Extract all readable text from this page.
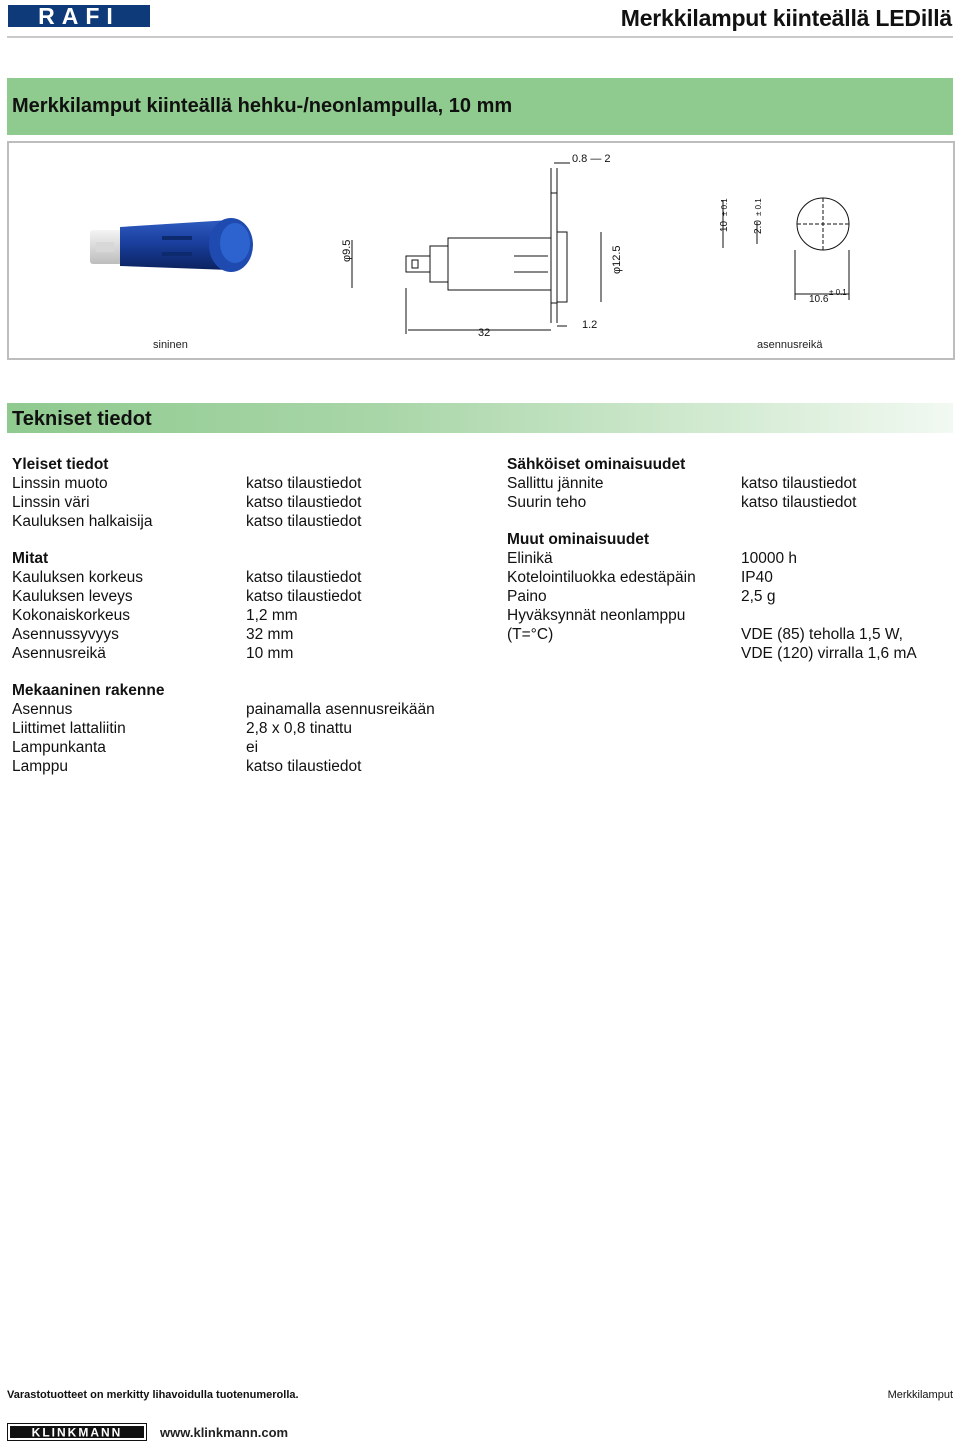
RAFI	Merkkilamput kiinteällä LEDillä
Merkkilamput kiinteällä hehku-/neonlampulla, 10 mm
0.8 — 2
φ9.5	φ12.5
32
1.2
10
± 0.1
2.0
± 0.1
10.6
± 0.1
sininen	asennusreikä
Tekniset tiedot
Yleiset tiedot
Linssin muoto	katso tilaustiedot
Linssin väri	katso tilaustiedot
Kauluksen halkaisija	katso tilaustiedot
Mitat
Kauluksen korkeus	katso tilaustiedot
Kauluksen leveys	katso tilaustiedot
Kokonaiskorkeus	1,2 mm
Asennussyvyys	32 mm
Asennusreikä	10 mm
Mekaaninen rakenne
Asennus	painamalla asennusreikään
Liittimet lattaliitin	2,8 x 0,8 tinattu
Lampunkanta	ei
Lamppu	katso tilaustiedot
Sähköiset ominaisuudet
Sallittu jännite	katso tilaustiedot
Suurin teho	katso tilaustiedot
Muut ominaisuudet
Elinikä	10000 h
Kotelointiluokka edestäpäin	IP40
Paino	2,5 g
Hyväksynnät neonlamppu
(T=°C)	VDE (85) teholla 1,5 W,
VDE (120) virralla 1,6 mA
Varastotuotteet on merkitty lihavoidulla tuotenumerolla.	Merkkilamput
KLINKMANN	www.klinkmann.com
